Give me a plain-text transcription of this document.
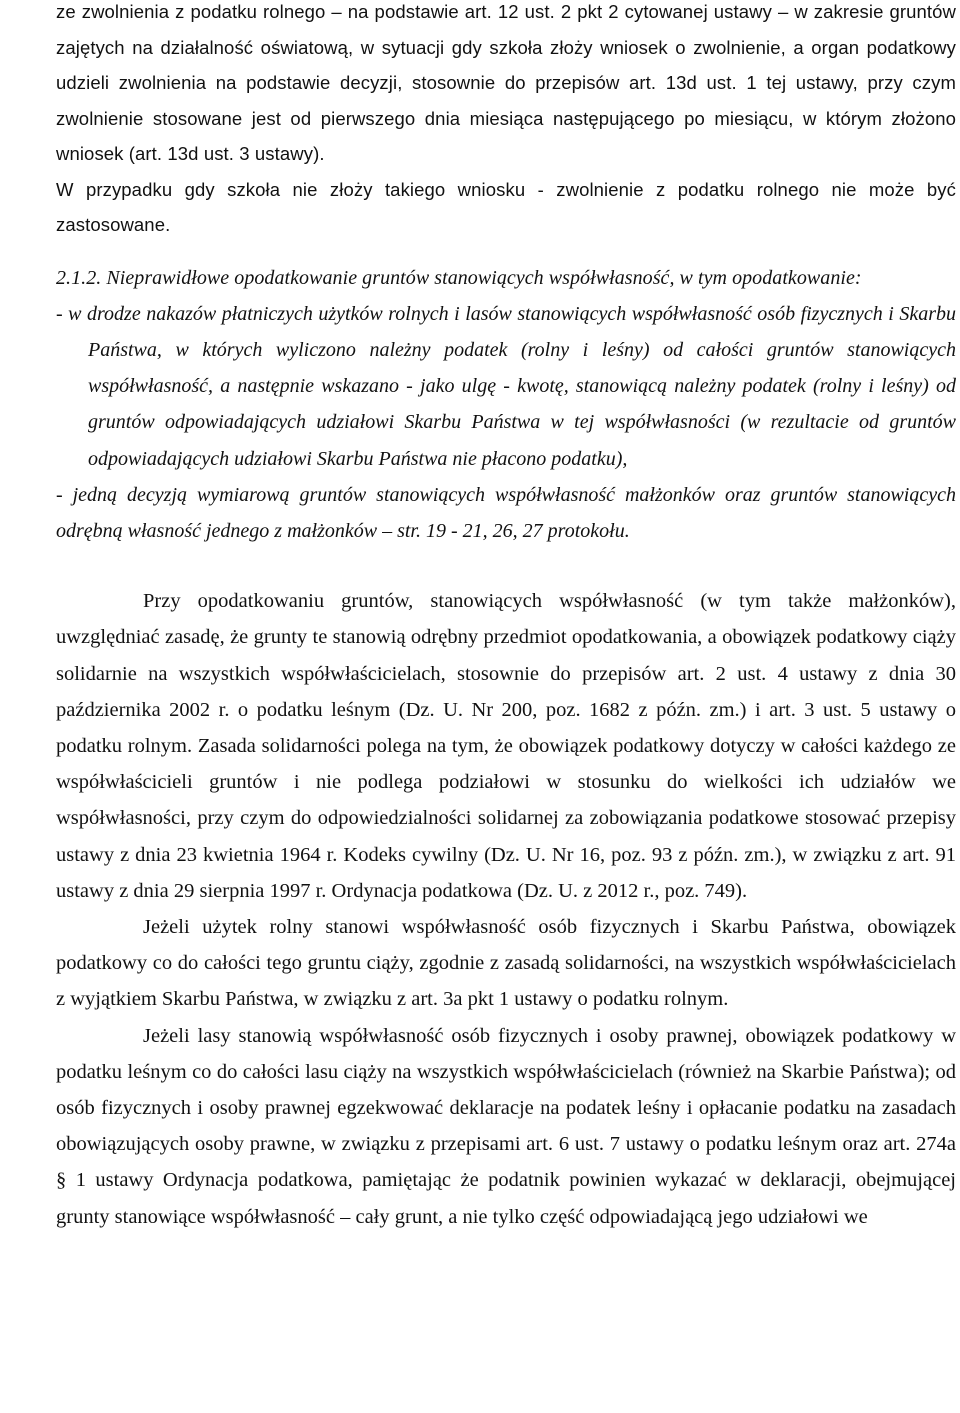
ze zwolnienia z podatku rolnego – na podstawie art. 12 ust. 2 pkt 2 cytowanej ustawy – w zakresie gruntów zajętych na działalność oświatową, w sytuacji gdy szkoła złoży wniosek o zwolnienie, a organ podatkowy udzieli zwolnienia na podstawie decyzji, stosownie do przepisów art. 13d ust. 1 tej ustawy, przy czym zwolnienie stosowane jest od pierwszego dnia miesiąca następującego po miesiącu, w którym złożono wniosek (art. 13d ust. 3 ustawy).

W przypadku gdy szkoła nie złoży takiego wniosku - zwolnienie z podatku rolnego nie może być zastosowane.

2.1.2. Nieprawidłowe opodatkowanie gruntów stanowiących współwłasność, w tym opodatkowanie:

- w drodze nakazów płatniczych użytków rolnych i lasów stanowiących współwłasność osób fizycznych i Skarbu Państwa, w których wyliczono należny podatek (rolny i leśny) od całości gruntów stanowiących współwłasność, a następnie wskazano - jako ulgę - kwotę, stanowiącą należny podatek (rolny i leśny) od gruntów odpowiadających udziałowi Skarbu Państwa w tej współwłasności (w rezultacie od gruntów odpowiadających udziałowi Skarbu Państwa nie płacono podatku),

- jedną decyzją wymiarową gruntów stanowiących współwłasność małżonków oraz gruntów stanowiących odrębną własność jednego z małżonków – str. 19 - 21, 26, 27 protokołu.

Przy opodatkowaniu gruntów, stanowiących współwłasność (w tym także małżonków), uwzględniać zasadę, że grunty te stanowią odrębny przedmiot opodatkowania, a obowiązek podatkowy ciąży solidarnie na wszystkich współwłaścicielach, stosownie do przepisów art. 2 ust. 4 ustawy z dnia 30 października 2002 r. o podatku leśnym (Dz. U. Nr 200, poz. 1682 z późn. zm.) i art. 3 ust. 5 ustawy o podatku rolnym. Zasada solidarności polega na tym, że obowiązek podatkowy dotyczy w całości każdego ze współwłaścicieli gruntów i nie podlega podziałowi w stosunku do wielkości ich udziałów we współwłasności, przy czym do odpowiedzialności solidarnej za zobowiązania podatkowe stosować przepisy ustawy z dnia 23 kwietnia 1964 r. Kodeks cywilny (Dz. U. Nr 16, poz. 93 z późn. zm.), w związku z art. 91 ustawy z dnia 29 sierpnia 1997 r. Ordynacja podatkowa (Dz. U. z 2012 r., poz. 749).

Jeżeli użytek rolny stanowi współwłasność osób fizycznych i Skarbu Państwa, obowiązek podatkowy co do całości tego gruntu ciąży, zgodnie z zasadą solidarności, na wszystkich współwłaścicielach z wyjątkiem Skarbu Państwa, w związku z art. 3a pkt 1 ustawy o podatku rolnym.

Jeżeli lasy stanowią współwłasność osób fizycznych i osoby prawnej, obowiązek podatkowy w podatku leśnym co do całości lasu ciąży na wszystkich współwłaścicielach (również na Skarbie Państwa); od osób fizycznych i osoby prawnej egzekwować deklaracje na podatek leśny i opłacanie podatku na zasadach obowiązujących osoby prawne, w związku z przepisami art. 6 ust. 7 ustawy o podatku leśnym oraz art. 274a § 1 ustawy Ordynacja podatkowa, pamiętając że podatnik powinien wykazać w deklaracji, obejmującej grunty stanowiące współwłasność – cały grunt, a nie tylko część odpowiadającą jego udziałowi we
